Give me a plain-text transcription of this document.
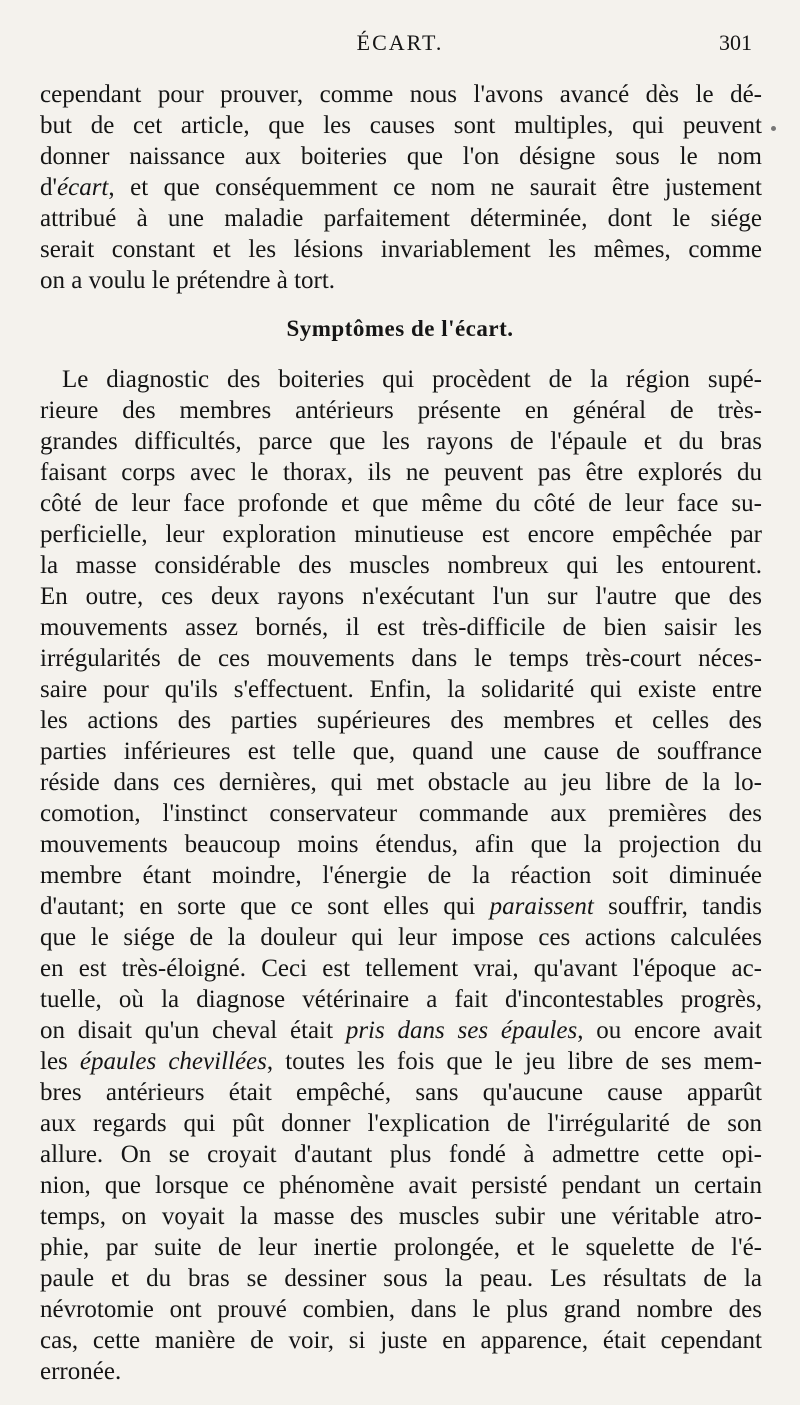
ÉCART.	301
cependant pour prouver, comme nous l'avons avancé dès le dé-
but de cet article, que les causes sont multiples, qui peuvent
donner naissance aux boiteries que l'on désigne sous le nom
d'écart, et que conséquemment ce nom ne saurait être justement
attribué à une maladie parfaitement déterminée, dont le siége
serait constant et les lésions invariablement les mêmes, comme
on a voulu le prétendre à tort.
Symptômes de l'écart.
Le diagnostic des boiteries qui procèdent de la région supé-
rieure des membres antérieurs présente en général de très-
grandes difficultés, parce que les rayons de l'épaule et du bras
faisant corps avec le thorax, ils ne peuvent pas être explorés du
côté de leur face profonde et que même du côté de leur face su-
perficielle, leur exploration minutieuse est encore empêchée par
la masse considérable des muscles nombreux qui les entourent.
En outre, ces deux rayons n'exécutant l'un sur l'autre que des
mouvements assez bornés, il est très-difficile de bien saisir les
irrégularités de ces mouvements dans le temps très-court néces-
saire pour qu'ils s'effectuent. Enfin, la solidarité qui existe entre
les actions des parties supérieures des membres et celles des
parties inférieures est telle que, quand une cause de souffrance
réside dans ces dernières, qui met obstacle au jeu libre de la lo-
comotion, l'instinct conservateur commande aux premières des
mouvements beaucoup moins étendus, afin que la projection du
membre étant moindre, l'énergie de la réaction soit diminuée
d'autant; en sorte que ce sont elles qui paraissent souffrir, tandis
que le siége de la douleur qui leur impose ces actions calculées
en est très-éloigné. Ceci est tellement vrai, qu'avant l'époque ac-
tuelle, où la diagnose vétérinaire a fait d'incontestables progrès,
on disait qu'un cheval était pris dans ses épaules, ou encore avait
les épaules chevillées, toutes les fois que le jeu libre de ses mem-
bres antérieurs était empêché, sans qu'aucune cause apparût
aux regards qui pût donner l'explication de l'irrégularité de son
allure. On se croyait d'autant plus fondé à admettre cette opi-
nion, que lorsque ce phénomène avait persisté pendant un certain
temps, on voyait la masse des muscles subir une véritable atro-
phie, par suite de leur inertie prolongée, et le squelette de l'é-
paule et du bras se dessiner sous la peau. Les résultats de la
névrotomie ont prouvé combien, dans le plus grand nombre des
cas, cette manière de voir, si juste en apparence, était cependant
erronée.
